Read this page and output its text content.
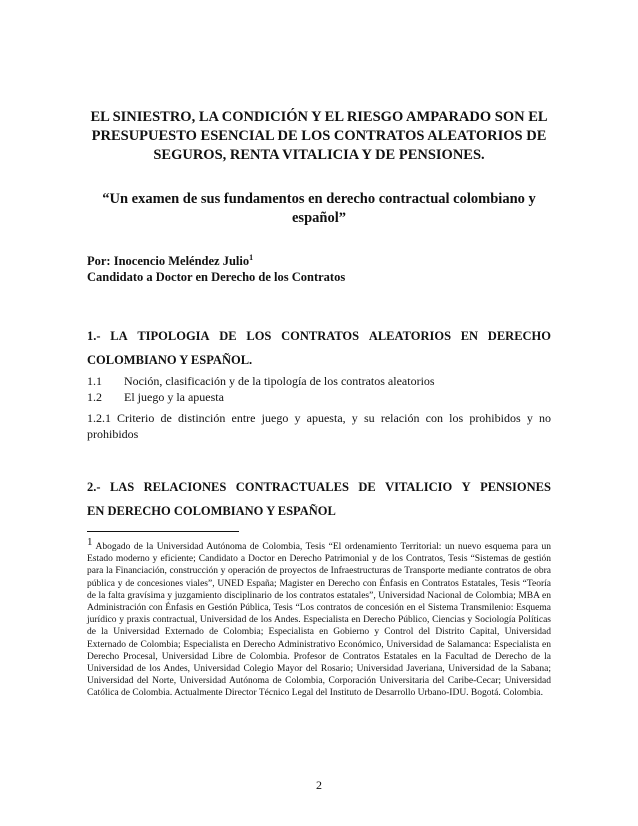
EL SINIESTRO, LA CONDICIÓN Y EL RIESGO AMPARADO SON EL PRESUPUESTO ESENCIAL DE LOS CONTRATOS ALEATORIOS DE SEGUROS, RENTA VITALICIA Y DE PENSIONES.

“Un examen de sus fundamentos en derecho contractual colombiano y español”

Por: Inocencio Meléndez Julio$^1$
Candidato a Doctor en Derecho de los Contratos
1.- LA TIPOLOGIA DE LOS CONTRATOS ALEATORIOS EN DERECHO
COLOMBIANO Y ESPAÑOL.
1.1	Noción, clasificación y de la tipología de los contratos aleatorios
1.2	El juego y la apuesta
1.2.1 Criterio de distinción entre juego y apuesta, y su relación con los prohibidos y no prohibidos
2.- LAS RELACIONES CONTRACTUALES DE VITALICIO Y PENSIONES
EN DERECHO COLOMBIANO Y ESPAÑOL

1 Abogado de la Universidad Autónoma de Colombia, Tesis “El ordenamiento Territorial: un nuevo esquema para un Estado moderno y eficiente; Candidato a Doctor en Derecho Patrimonial y de los Contratos, Tesis “Sistemas de gestión para la Financiación, construcción y operación de proyectos de Infraestructuras de Transporte mediante contratos de obra pública y de concesiones viales”, UNED España; Magister en Derecho con Énfasis en Contratos Estatales, Tesis “Teoría de la falta gravísima y juzgamiento disciplinario de los contratos estatales”, Universidad Nacional de Colombia; MBA en Administración con Énfasis en Gestión Pública, Tesis “Los contratos de concesión en el Sistema Transmilenio: Esquema jurídico y praxis contractual, Universidad de los Andes. Especialista en Derecho Público, Ciencias y Sociología Políticas de la Universidad Externado de Colombia; Especialista en Gobierno y Control del Distrito Capital, Universidad Externado de Colombia; Especialista en Derecho Administrativo Económico, Universidad de Salamanca: Especialista en Derecho Procesal, Universidad Libre de Colombia. Profesor de Contratos Estatales en la Facultad de Derecho de la Universidad de los Andes, Universidad Colegio Mayor del Rosario; Universidad Javeriana, Universidad de la Sabana; Universidad del Norte, Universidad Autónoma de Colombia, Corporación Universitaria del Caribe-Cecar; Universidad Católica de Colombia. Actualmente Director Técnico Legal del Instituto de Desarrollo Urbano-IDU. Bogotá. Colombia.

2
